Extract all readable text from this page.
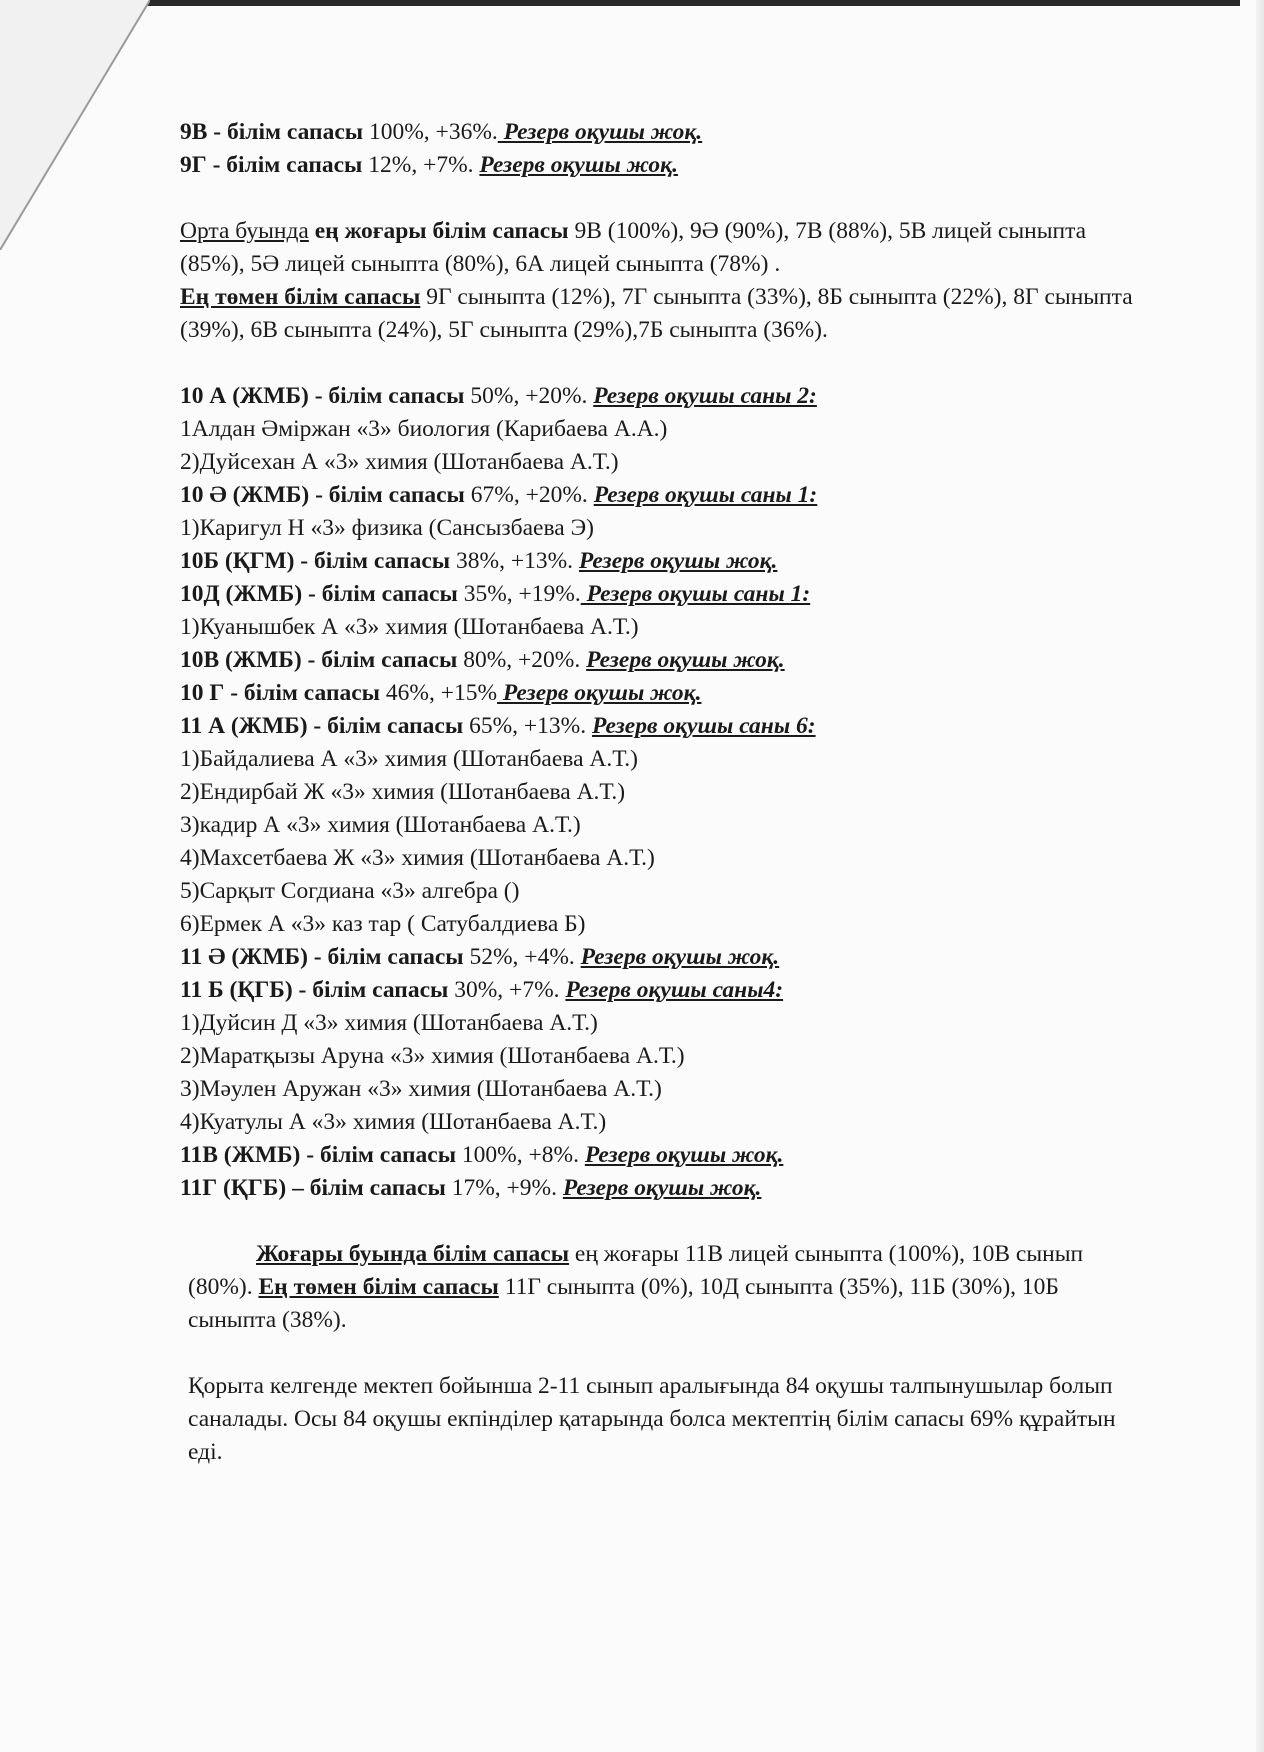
9В - білім сапасы 100%, +36%. Резерв оқушы жоқ.
9Г - білім сапасы 12%, +7%. Резерв оқушы жоқ.
Орта буында ең жоғары білім сапасы 9В (100%), 9Ә (90%), 7В (88%), 5В лицей сыныпта (85%), 5Ә лицей сыныпта (80%), 6А лицей сыныпта (78%) .
Ең төмен білім сапасы 9Г сыныпта (12%), 7Г сыныпта (33%), 8Б сыныпта (22%), 8Г сыныпта (39%), 6В сыныпта (24%), 5Г сыныпта (29%),7Б сыныпта (36%).
10 А (ЖМБ) - білім сапасы 50%, +20%. Резерв оқушы саны 2:
1Алдан Әміржан «3» биология (Карибаева А.А.)
2)Дуйсехан А «3» химия (Шотанбаева А.Т.)
10 Ә (ЖМБ) - білім сапасы 67%, +20%. Резерв оқушы саны 1:
1)Каригул Н «3» физика (Сансызбаева Э)
10Б (ҚГМ) - білім сапасы 38%, +13%. Резерв оқушы жоқ.
10Д (ЖМБ) - білім сапасы 35%, +19%. Резерв оқушы саны 1:
1)Куанышбек А «3» химия (Шотанбаева А.Т.)
10В (ЖМБ) - білім сапасы 80%, +20%. Резерв оқушы жоқ.
10 Г - білім сапасы 46%, +15% Резерв оқушы жоқ.
11 А (ЖМБ) - білім сапасы 65%, +13%. Резерв оқушы саны 6:
1)Байдалиева А «3» химия (Шотанбаева А.Т.)
2)Ендирбай Ж «3» химия (Шотанбаева А.Т.)
3)кадир А «3» химия (Шотанбаева А.Т.)
4)Махсетбаева Ж «3» химия (Шотанбаева А.Т.)
5)Сарқыт Согдиана «3» алгебра ()
6)Ермек А «3» каз тар ( Сатубалдиева Б)
11 Ә (ЖМБ) - білім сапасы 52%, +4%. Резерв оқушы жоқ.
11 Б (ҚГБ) - білім сапасы 30%, +7%. Резерв оқушы саны4:
1)Дуйсин Д «3» химия (Шотанбаева А.Т.)
2)Маратқызы Аруна «3» химия (Шотанбаева А.Т.)
3)Мәулен Аружан «3» химия (Шотанбаева А.Т.)
4)Куатулы А «3» химия (Шотанбаева А.Т.)
11В (ЖМБ) - білім сапасы 100%, +8%. Резерв оқушы жоқ.
11Г (ҚГБ) – білім сапасы 17%, +9%. Резерв оқушы жоқ.
Жоғары буында білім сапасы ең жоғары 11В лицей сыныпта (100%), 10В сынып (80%). Ең төмен білім сапасы 11Г сыныпта (0%), 10Д сыныпта (35%), 11Б (30%), 10Б сыныпта (38%).
Қорыта келгенде мектеп бойынша 2-11 сынып аралығында 84 оқушы талпынушылар болып саналады. Осы 84 оқушы екпінділер қатарында болса мектептің білім сапасы 69% құрайтын еді.
